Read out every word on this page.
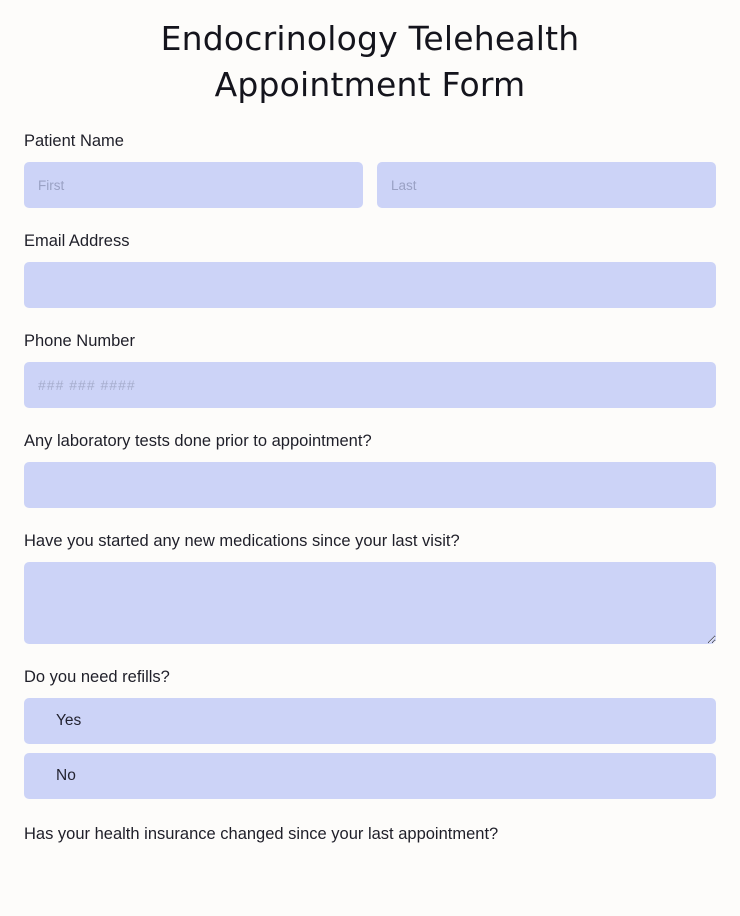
Endocrinology Telehealth Appointment Form
Patient Name
First
Last
Email Address
Phone Number
### ### ####
Any laboratory tests done prior to appointment?
Have you started any new medications since your last visit?
Do you need refills?
Yes
No
Has your health insurance changed since your last appointment?
